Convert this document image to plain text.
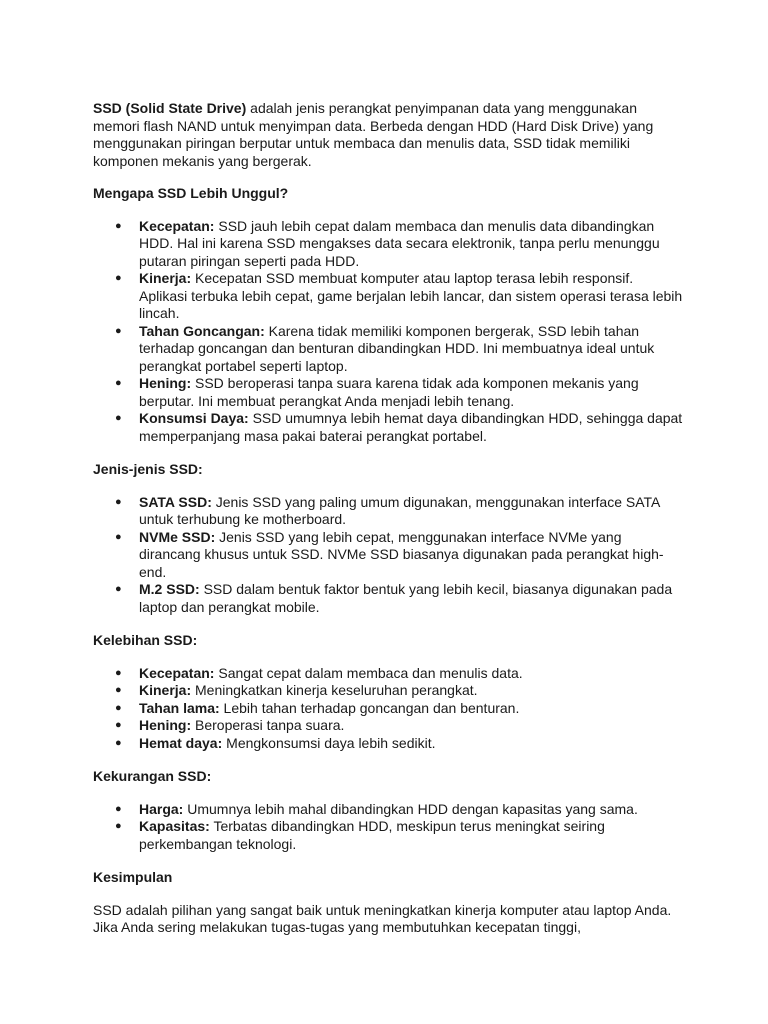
SSD (Solid State Drive) adalah jenis perangkat penyimpanan data yang menggunakan memori flash NAND untuk menyimpan data. Berbeda dengan HDD (Hard Disk Drive) yang menggunakan piringan berputar untuk membaca dan menulis data, SSD tidak memiliki komponen mekanis yang bergerak.

Mengapa SSD Lebih Unggul?

● Kecepatan: SSD jauh lebih cepat dalam membaca dan menulis data dibandingkan HDD. Hal ini karena SSD mengakses data secara elektronik, tanpa perlu menunggu putaran piringan seperti pada HDD.
● Kinerja: Kecepatan SSD membuat komputer atau laptop terasa lebih responsif. Aplikasi terbuka lebih cepat, game berjalan lebih lancar, dan sistem operasi terasa lebih lincah.
● Tahan Goncangan: Karena tidak memiliki komponen bergerak, SSD lebih tahan terhadap goncangan dan benturan dibandingkan HDD. Ini membuatnya ideal untuk perangkat portabel seperti laptop.
● Hening: SSD beroperasi tanpa suara karena tidak ada komponen mekanis yang berputar. Ini membuat perangkat Anda menjadi lebih tenang.
● Konsumsi Daya: SSD umumnya lebih hemat daya dibandingkan HDD, sehingga dapat memperpanjang masa pakai baterai perangkat portabel.

Jenis-jenis SSD:

● SATA SSD: Jenis SSD yang paling umum digunakan, menggunakan interface SATA untuk terhubung ke motherboard.
● NVMe SSD: Jenis SSD yang lebih cepat, menggunakan interface NVMe yang dirancang khusus untuk SSD. NVMe SSD biasanya digunakan pada perangkat high-end.
● M.2 SSD: SSD dalam bentuk faktor bentuk yang lebih kecil, biasanya digunakan pada laptop dan perangkat mobile.

Kelebihan SSD:

● Kecepatan: Sangat cepat dalam membaca dan menulis data.
● Kinerja: Meningkatkan kinerja keseluruhan perangkat.
● Tahan lama: Lebih tahan terhadap goncangan dan benturan.
● Hening: Beroperasi tanpa suara.
● Hemat daya: Mengkonsumsi daya lebih sedikit.

Kekurangan SSD:

● Harga: Umumnya lebih mahal dibandingkan HDD dengan kapasitas yang sama.
● Kapasitas: Terbatas dibandingkan HDD, meskipun terus meningkat seiring perkembangan teknologi.

Kesimpulan

SSD adalah pilihan yang sangat baik untuk meningkatkan kinerja komputer atau laptop Anda. Jika Anda sering melakukan tugas-tugas yang membutuhkan kecepatan tinggi,
